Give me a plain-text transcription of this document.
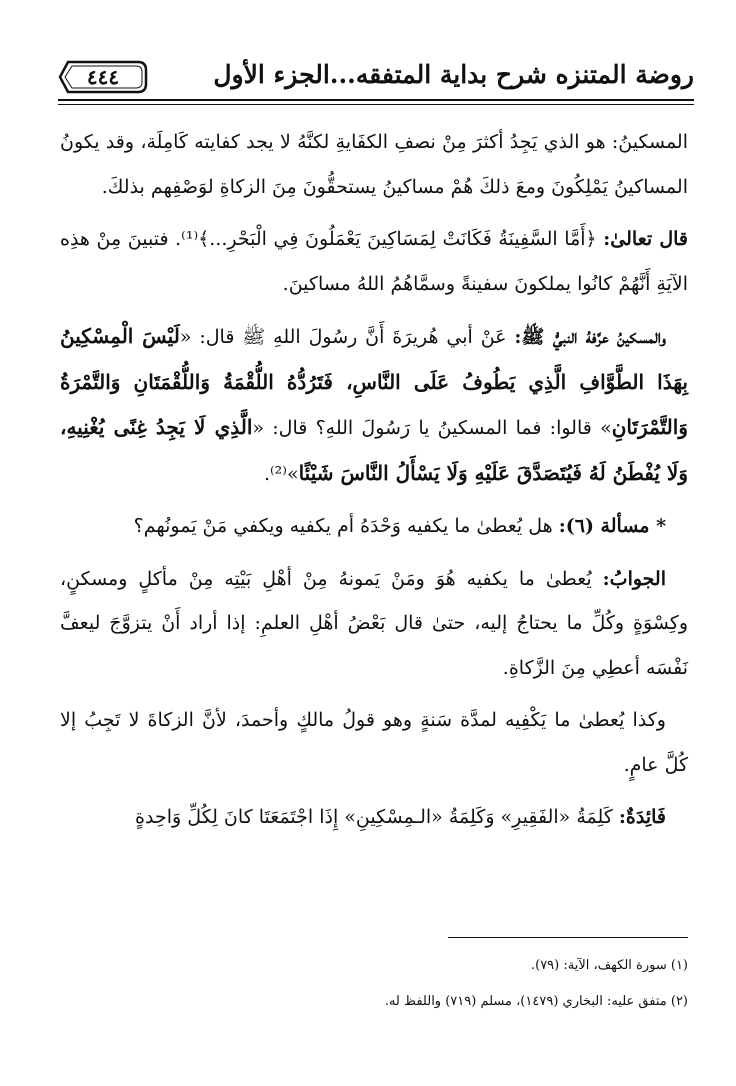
روضة المتنزه شرح بداية المتفقه...الجزء الأول
٤٤٤

المسكينُ: هو الذي يَجِدُ أكثرَ مِنْ نصفِ الكفَايةِ لكنَّهُ لا يجد كفايته كَامِلَة، وقد يكونُ المساكينُ يَمْلِكُونَ ومعَ ذلكَ هُمْ مساكينُ يستحقُّونَ مِنَ الزكاةِ لوَصْفِهم بذلكَ.

قال تعالىٰ: ﴿أَمَّا السَّفِينَةُ فَكَانَتْ لِمَسَاكِينَ يَعْمَلُونَ فِي الْبَحْرِ...﴾⁽¹⁾. فتبينَ مِنْ هذِه الآيَةِ أَنَّهُمْ كانُوا يملكونَ سفينةً وسمَّاهُمُ اللهُ مساكينَ.

والمسكينُ عرَّفهُ النبيُّ ﷺ: عَنْ أبي هُريرَةَ أَنَّ رسُولَ اللهِ ﷺ قال: «لَيْسَ الْمِسْكِينُ بِهَذَا الطَّوَّافِ الَّذِي يَطُوفُ عَلَى النَّاسِ، فَتَرُدُّهُ اللُّقْمَةُ وَاللُّقْمَتَانِ وَالتَّمْرَةُ وَالتَّمْرَتَانِ» قالوا: فما المسكينُ يا رَسُولَ اللهِ؟ قال: «الَّذِي لَا يَجِدُ غِنًى يُغْنِيهِ، وَلَا يُفْطَنُ لَهُ فَيُتَصَدَّقَ عَلَيْهِ وَلَا يَسْأَلُ النَّاسَ شَيْئًا»⁽²⁾.

* مسألة (٦): هل يُعطىٰ ما يكفيه وَحْدَهُ أم يكفيه ويكفي مَنْ يَمونُهم؟

الجوابُ: يُعطىٰ ما يكفيه هُوَ ومَنْ يَمونهُ مِنْ أهْلِ بَيْتِه مِنْ مأكلٍ ومسكنٍ، وكِسْوَةٍ وكُلِّ ما يحتاجُ إليه، حتىٰ قال بَعْضُ أهْلِ العلمِ: إذا أراد أَنْ يتزوَّجَ ليعفَّ نَفْسَه أعطِي مِنَ الزَّكاةِ.

وكذا يُعطىٰ ما يَكْفِيه لمدَّة سَنةٍ وهو قولُ مالكٍ وأحمدَ، لأنَّ الزكاةَ لا تَجِبُ إلا كُلَّ عامٍ.

فَائِدَةٌ: كَلِمَةُ «الفَقِيرِ» وَكَلِمَةُ «الـمِسْكِينِ» إِذَا اجْتَمَعَتَا كانَ لِكُلِّ وَاحِدةٍ

(١) سورة الكهف، الآية: (٧٩).
(٢) متفق عليه: البخاري (١٤٧٩)، مسلم (٧١٩) واللفظ له.
